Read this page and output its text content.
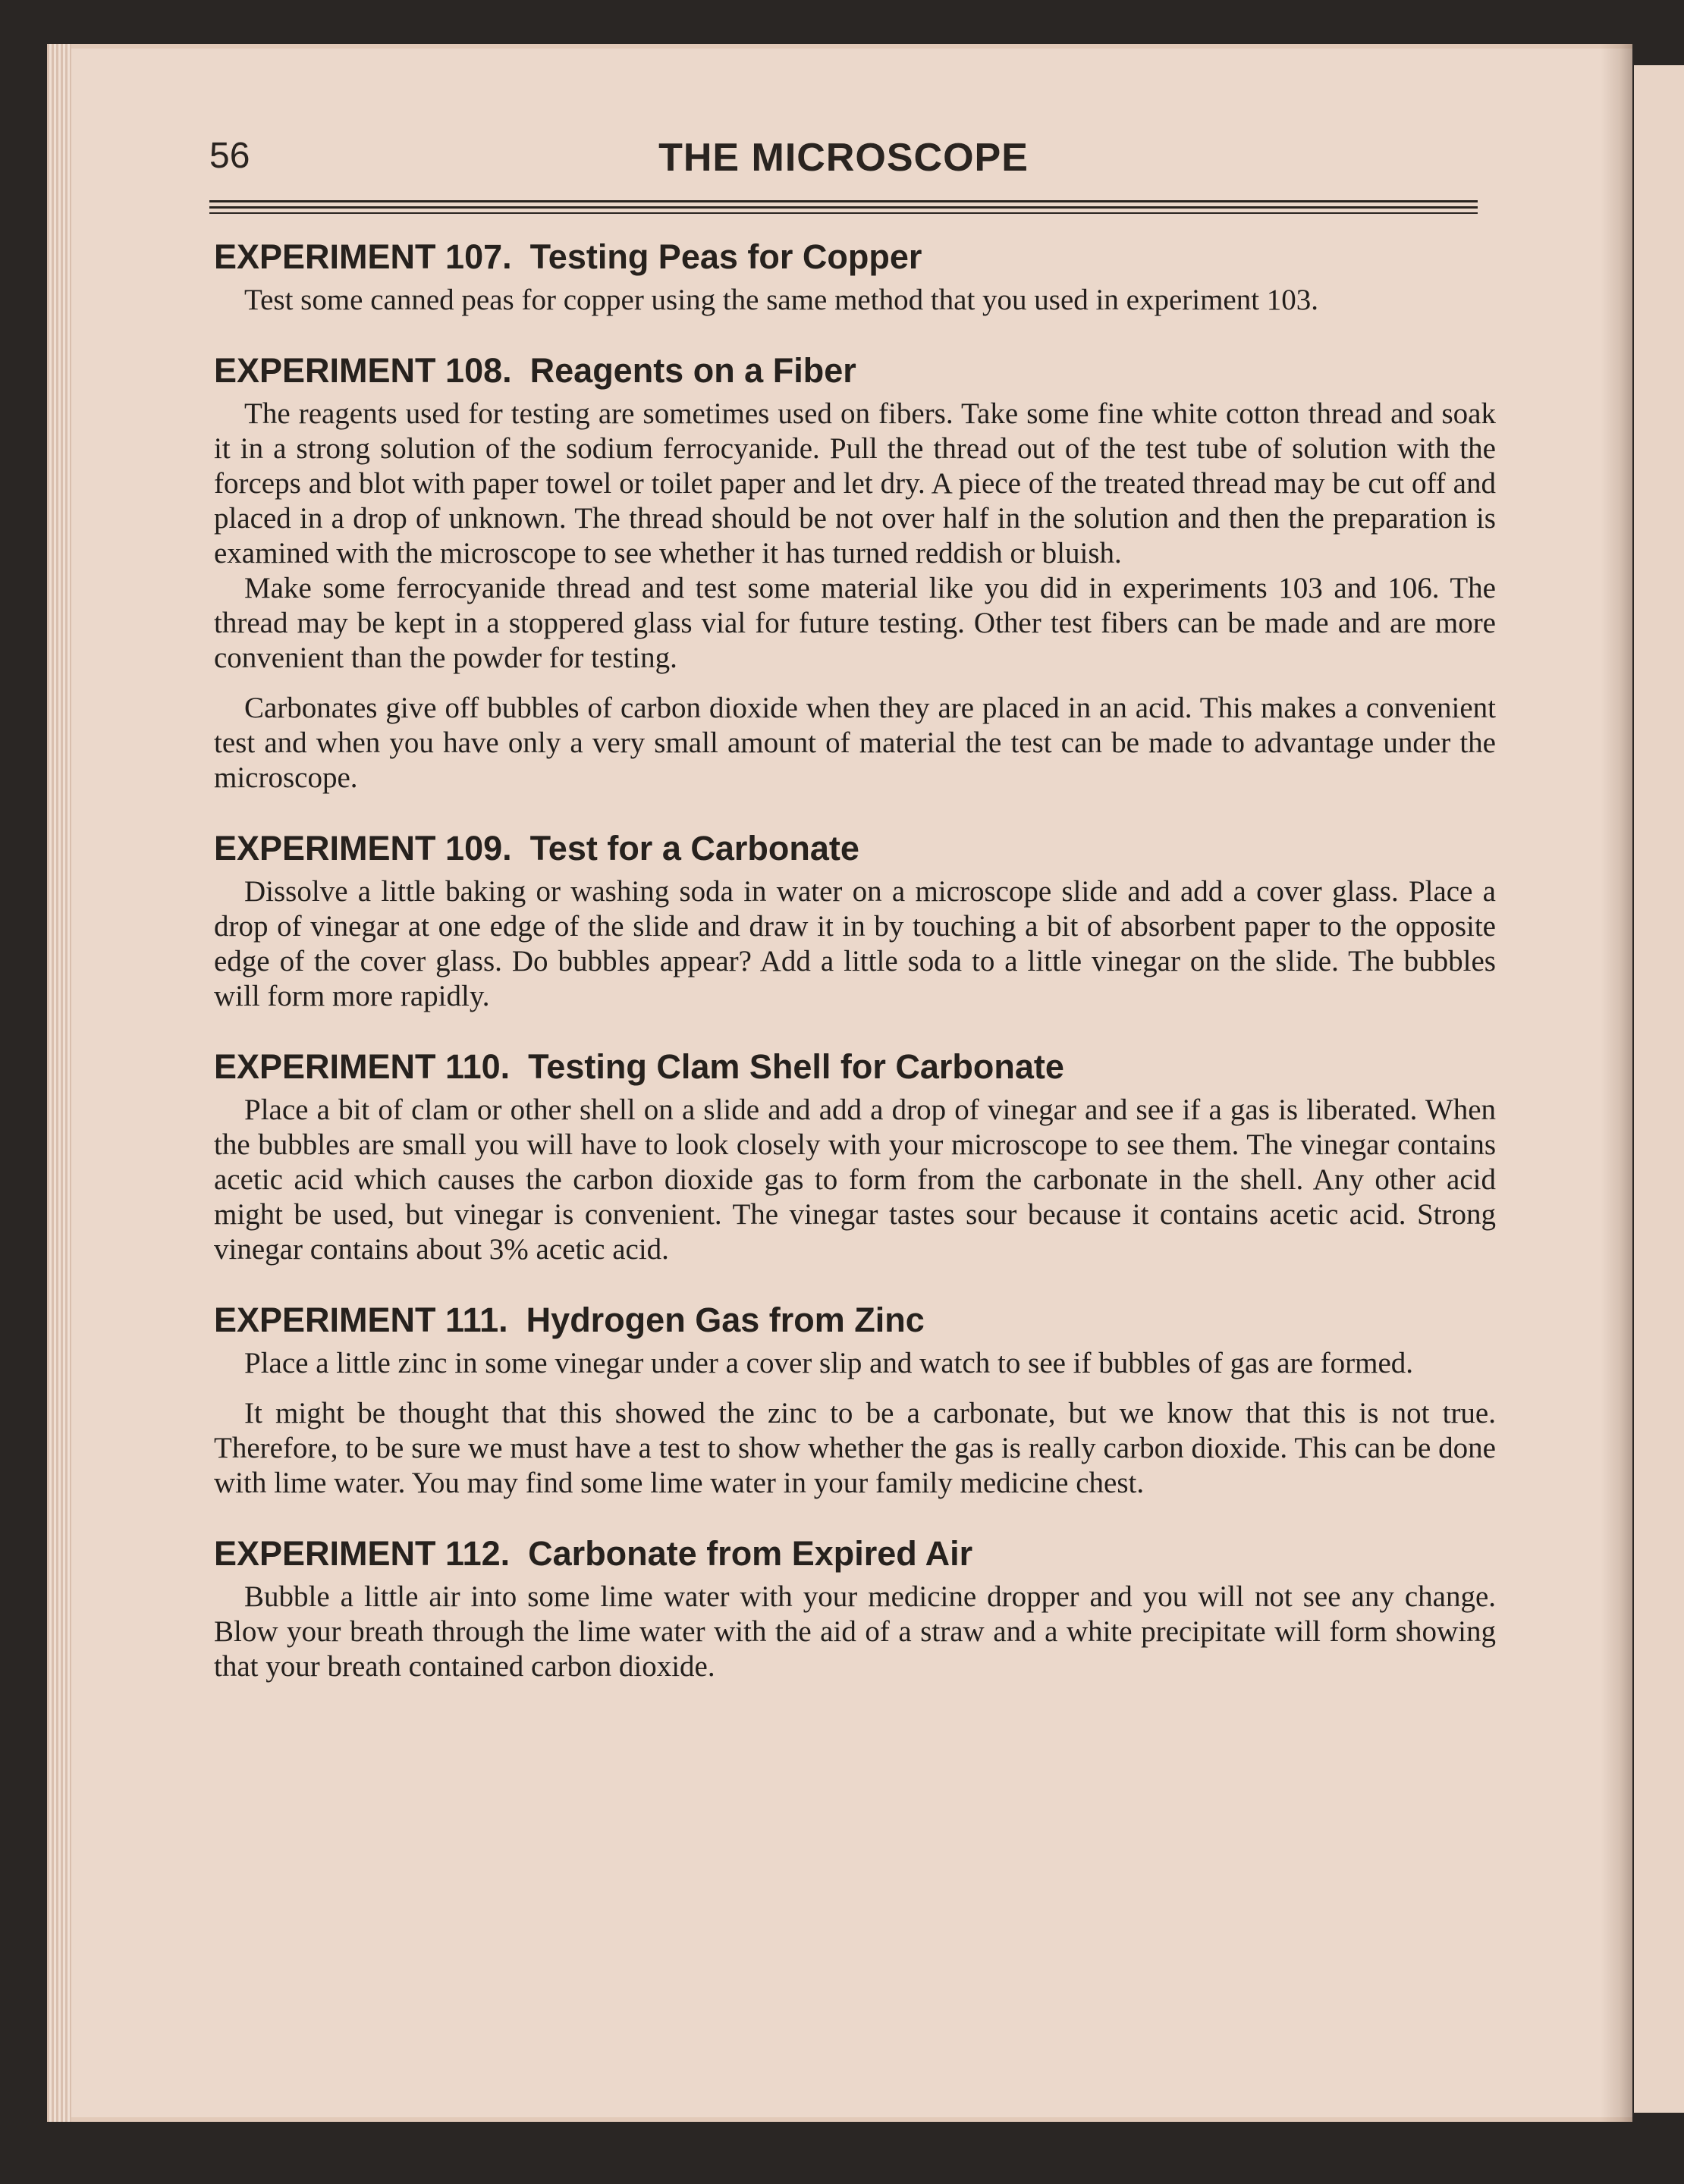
56	THE MICROSCOPE
EXPERIMENT 107. Testing Peas for Copper

Test some canned peas for copper using the same method that you used in experiment 103.

EXPERIMENT 108. Reagents on a Fiber

The reagents used for testing are sometimes used on fibers. Take some fine white cotton thread and soak it in a strong solution of the sodium ferrocyanide. Pull the thread out of the test tube of solution with the forceps and blot with paper towel or toilet paper and let dry. A piece of the treated thread may be cut off and placed in a drop of unknown. The thread should be not over half in the solution and then the preparation is examined with the microscope to see whether it has turned reddish or bluish.

Make some ferrocyanide thread and test some material like you did in experiments 103 and 106. The thread may be kept in a stoppered glass vial for future testing. Other test fibers can be made and are more convenient than the powder for testing.

Carbonates give off bubbles of carbon dioxide when they are placed in an acid. This makes a convenient test and when you have only a very small amount of material the test can be made to advantage under the microscope.

EXPERIMENT 109. Test for a Carbonate

Dissolve a little baking or washing soda in water on a microscope slide and add a cover glass. Place a drop of vinegar at one edge of the slide and draw it in by touching a bit of absorbent paper to the opposite edge of the cover glass. Do bubbles appear? Add a little soda to a little vinegar on the slide. The bubbles will form more rapidly.

EXPERIMENT 110. Testing Clam Shell for Carbonate

Place a bit of clam or other shell on a slide and add a drop of vinegar and see if a gas is liberated. When the bubbles are small you will have to look closely with your microscope to see them. The vinegar contains acetic acid which causes the carbon dioxide gas to form from the carbonate in the shell. Any other acid might be used, but vinegar is convenient. The vinegar tastes sour because it contains acetic acid. Strong vinegar contains about 3% acetic acid.

EXPERIMENT 111. Hydrogen Gas from Zinc

Place a little zinc in some vinegar under a cover slip and watch to see if bubbles of gas are formed.

It might be thought that this showed the zinc to be a carbonate, but we know that this is not true. Therefore, to be sure we must have a test to show whether the gas is really carbon dioxide. This can be done with lime water. You may find some lime water in your family medicine chest.

EXPERIMENT 112. Carbonate from Expired Air

Bubble a little air into some lime water with your medicine dropper and you will not see any change. Blow your breath through the lime water with the aid of a straw and a white precipitate will form showing that your breath contained carbon dioxide.
